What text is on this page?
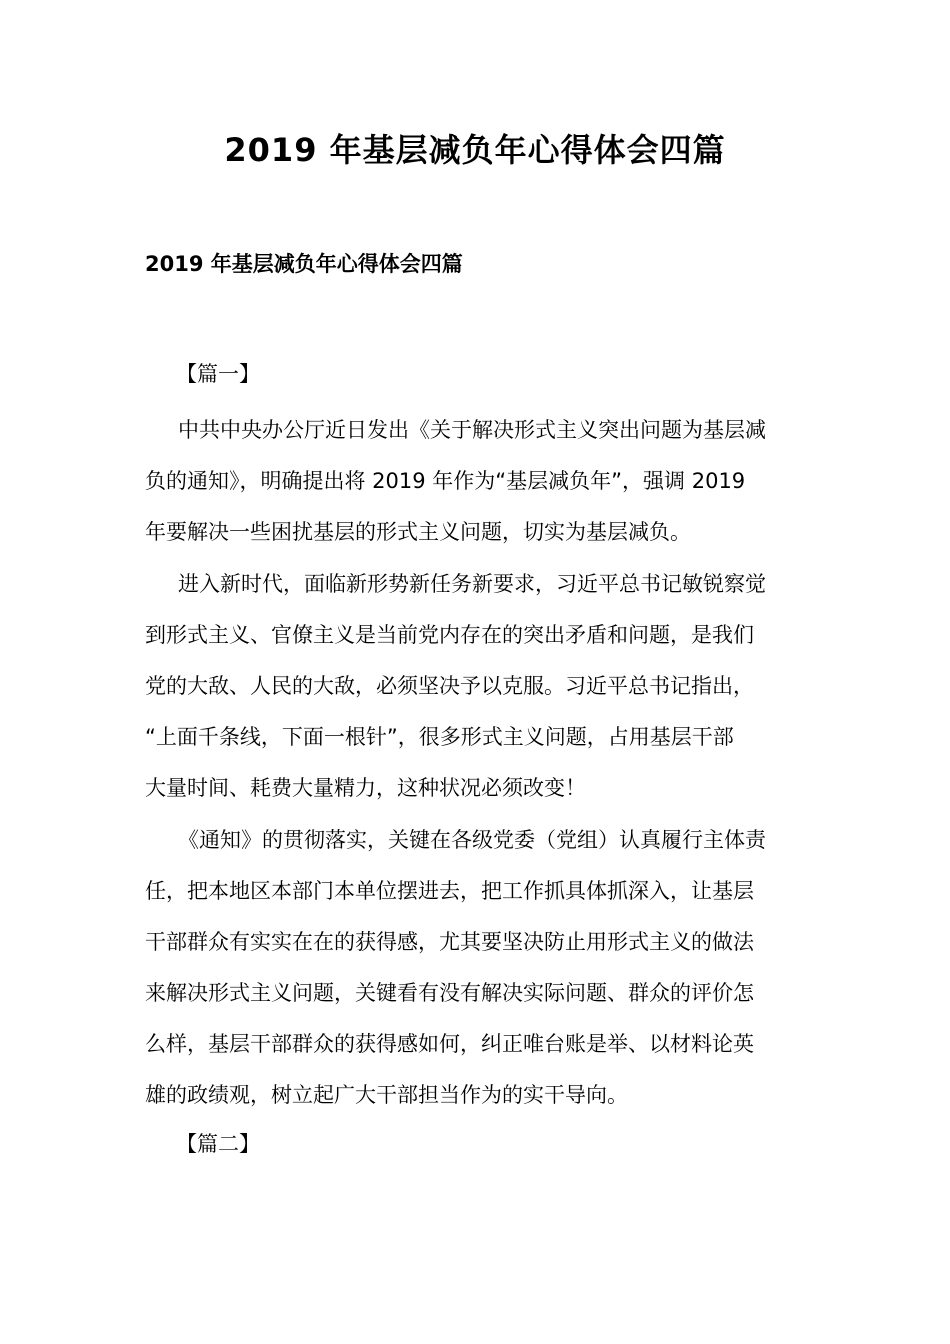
2019 年基层减负年心得体会四篇
2019 年基层减负年心得体会四篇
【篇一】
中共中央办公厅近日发出《关于解决形式主义突出问题为基层减
负的通知》，明确提出将 2019 年作为“基层减负年”，强调 2019
年要解决一些困扰基层的形式主义问题，切实为基层减负。
进入新时代，面临新形势新任务新要求，习近平总书记敏锐察觉
到形式主义、官僚主义是当前党内存在的突出矛盾和问题，是我们
党的大敌、人民的大敌，必须坚决予以克服。习近平总书记指出，
“上面千条线，下面一根针”，很多形式主义问题，占用基层干部
大量时间、耗费大量精力，这种状况必须改变！
《通知》的贯彻落实，关键在各级党委（党组）认真履行主体责
任，把本地区本部门本单位摆进去，把工作抓具体抓深入，让基层
干部群众有实实在在的获得感，尤其要坚决防止用形式主义的做法
来解决形式主义问题，关键看有没有解决实际问题、群众的评价怎
么样，基层干部群众的获得感如何，纠正唯台账是举、以材料论英
雄的政绩观，树立起广大干部担当作为的实干导向。
【篇二】
